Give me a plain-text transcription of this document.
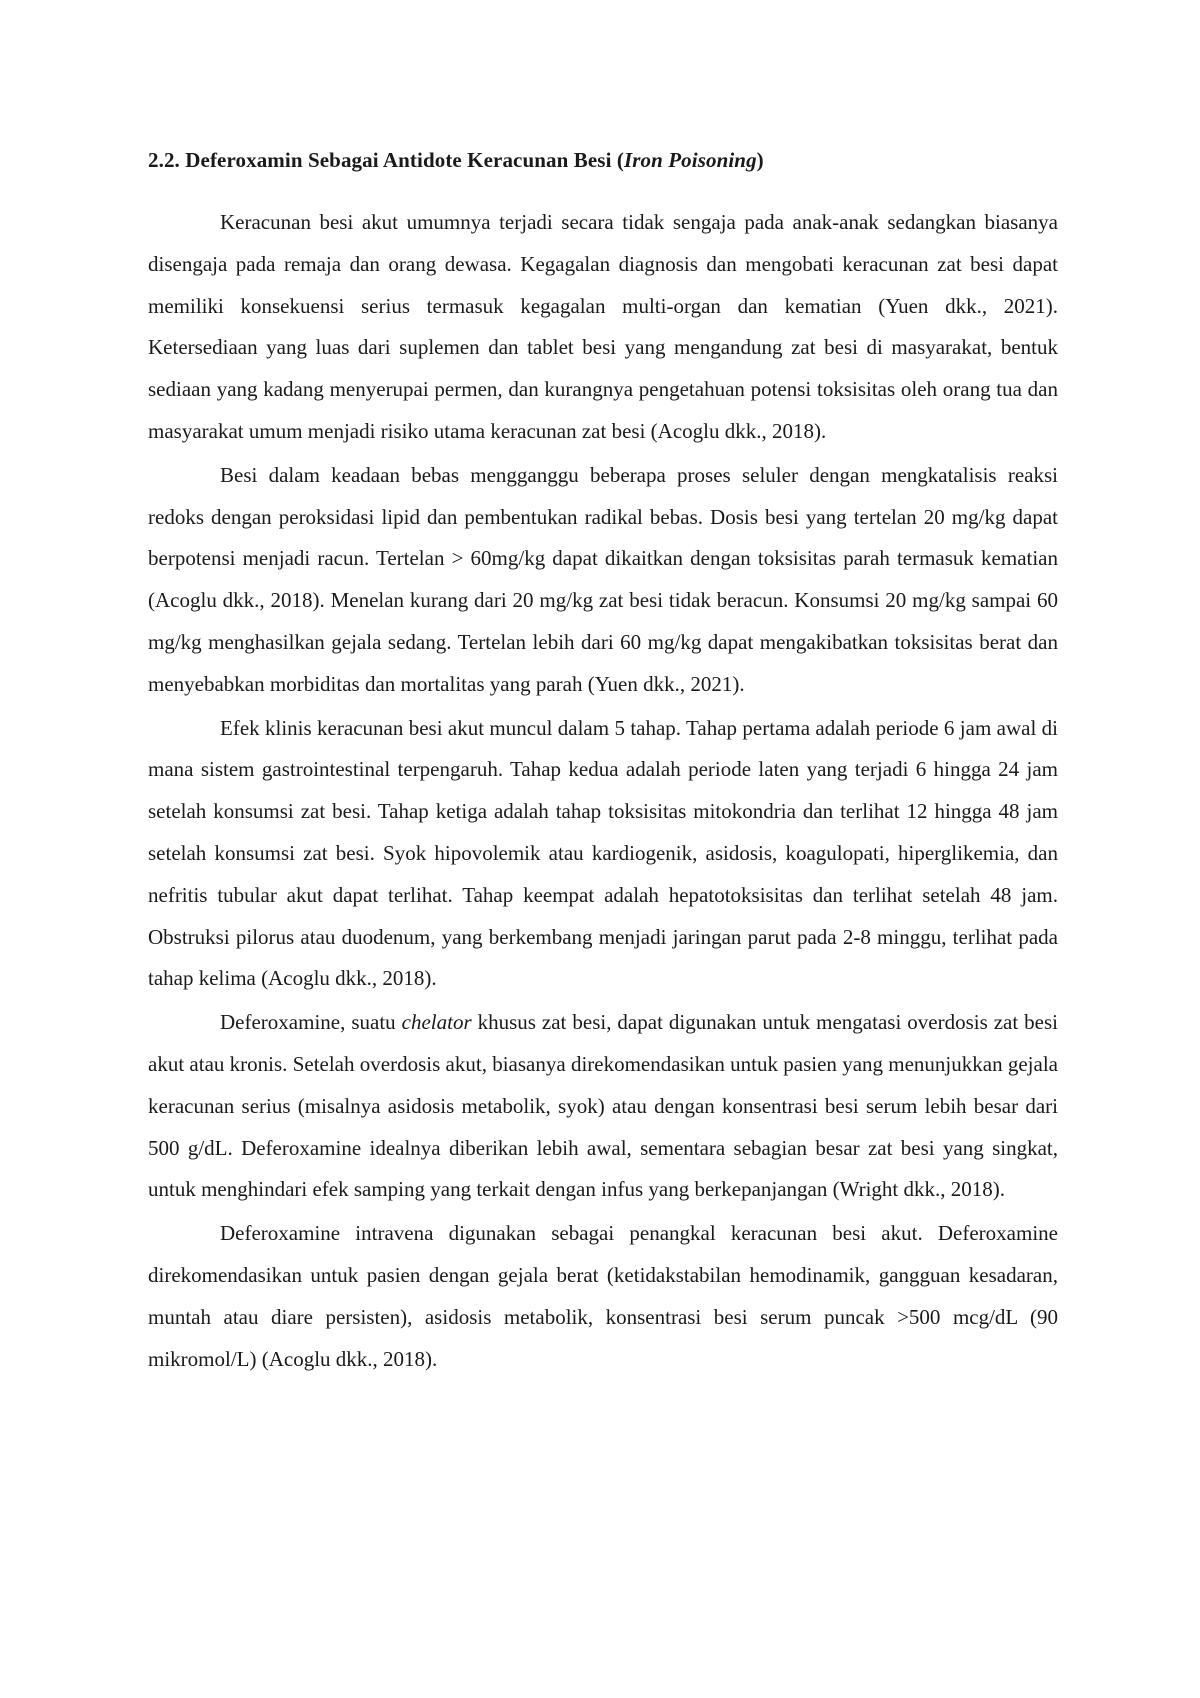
2.2. Deferoxamin Sebagai Antidote Keracunan Besi (Iron Poisoning)

Keracunan besi akut umumnya terjadi secara tidak sengaja pada anak-anak sedangkan biasanya disengaja pada remaja dan orang dewasa. Kegagalan diagnosis dan mengobati keracunan zat besi dapat memiliki konsekuensi serius termasuk kegagalan multi-organ dan kematian (Yuen dkk., 2021). Ketersediaan yang luas dari suplemen dan tablet besi yang mengandung zat besi di masyarakat, bentuk sediaan yang kadang menyerupai permen, dan kurangnya pengetahuan potensi toksisitas oleh orang tua dan masyarakat umum menjadi risiko utama keracunan zat besi (Acoglu dkk., 2018).

Besi dalam keadaan bebas mengganggu beberapa proses seluler dengan mengkatalisis reaksi redoks dengan peroksidasi lipid dan pembentukan radikal bebas. Dosis besi yang tertelan 20 mg/kg dapat berpotensi menjadi racun. Tertelan > 60mg/kg dapat dikaitkan dengan toksisitas parah termasuk kematian (Acoglu dkk., 2018). Menelan kurang dari 20 mg/kg zat besi tidak beracun. Konsumsi 20 mg/kg sampai 60 mg/kg menghasilkan gejala sedang. Tertelan lebih dari 60 mg/kg dapat mengakibatkan toksisitas berat dan menyebabkan morbiditas dan mortalitas yang parah (Yuen dkk., 2021).

Efek klinis keracunan besi akut muncul dalam 5 tahap. Tahap pertama adalah periode 6 jam awal di mana sistem gastrointestinal terpengaruh. Tahap kedua adalah periode laten yang terjadi 6 hingga 24 jam setelah konsumsi zat besi. Tahap ketiga adalah tahap toksisitas mitokondria dan terlihat 12 hingga 48 jam setelah konsumsi zat besi. Syok hipovolemik atau kardiogenik, asidosis, koagulopati, hiperglikemia, dan nefritis tubular akut dapat terlihat. Tahap keempat adalah hepatotoksisitas dan terlihat setelah 48 jam. Obstruksi pilorus atau duodenum, yang berkembang menjadi jaringan parut pada 2-8 minggu, terlihat pada tahap kelima (Acoglu dkk., 2018).

Deferoxamine, suatu chelator khusus zat besi, dapat digunakan untuk mengatasi overdosis zat besi akut atau kronis. Setelah overdosis akut, biasanya direkomendasikan untuk pasien yang menunjukkan gejala keracunan serius (misalnya asidosis metabolik, syok) atau dengan konsentrasi besi serum lebih besar dari 500 g/dL. Deferoxamine idealnya diberikan lebih awal, sementara sebagian besar zat besi yang singkat, untuk menghindari efek samping yang terkait dengan infus yang berkepanjangan (Wright dkk., 2018).

Deferoxamine intravena digunakan sebagai penangkal keracunan besi akut. Deferoxamine direkomendasikan untuk pasien dengan gejala berat (ketidakstabilan hemodinamik, gangguan kesadaran, muntah atau diare persisten), asidosis metabolik, konsentrasi besi serum puncak >500 mcg/dL (90 mikromol/L) (Acoglu dkk., 2018).
